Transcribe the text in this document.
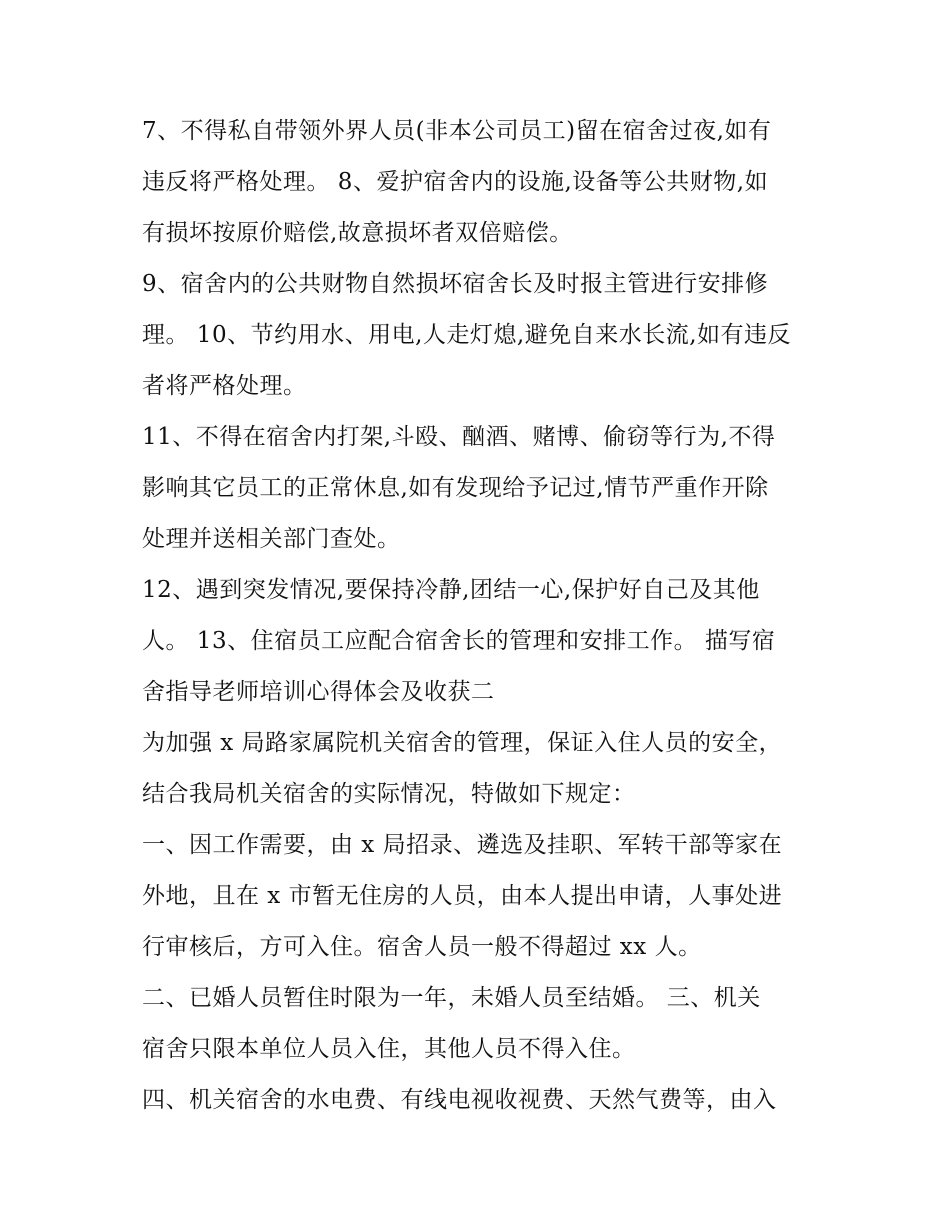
7、不得私自带领外界人员(非本公司员工)留在宿舍过夜,如有
违反将严格处理。 8、爱护宿舍内的设施,设备等公共财物,如
有损坏按原价赔偿,故意损坏者双倍赔偿。
9、宿舍内的公共财物自然损坏宿舍长及时报主管进行安排修
理。 10、节约用水、用电,人走灯熄,避免自来水长流,如有违反
者将严格处理。
11、不得在宿舍内打架,斗殴、酗酒、赌博、偷窃等行为,不得
影响其它员工的正常休息,如有发现给予记过,情节严重作开除
处理并送相关部门查处。
12、遇到突发情况,要保持冷静,团结一心,保护好自己及其他
人。 13、住宿员工应配合宿舍长的管理和安排工作。 描写宿
舍指导老师培训心得体会及收获二
为加强 x 局路家属院机关宿舍的管理，保证入住人员的安全，
结合我局机关宿舍的实际情况，特做如下规定：
一、因工作需要，由 x 局招录、遴选及挂职、军转干部等家在
外地，且在 x 市暂无住房的人员，由本人提出申请，人事处进
行审核后，方可入住。宿舍人员一般不得超过 xx 人。
二、已婚人员暂住时限为一年，未婚人员至结婚。 三、机关
宿舍只限本单位人员入住，其他人员不得入住。
四、机关宿舍的水电费、有线电视收视费、天然气费等，由入
